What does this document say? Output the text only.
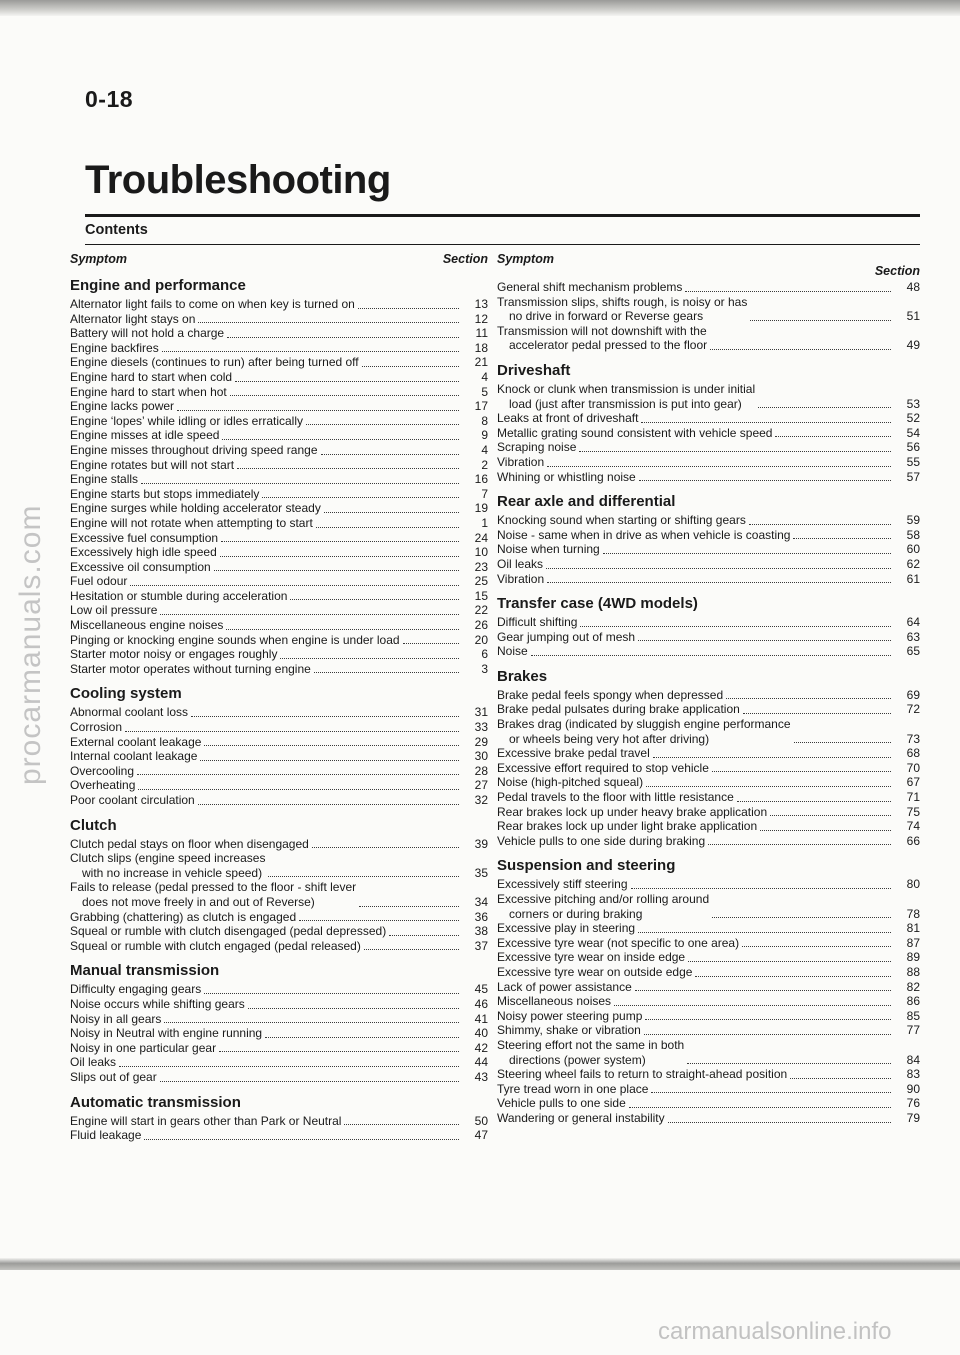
0-18
Troubleshooting
Contents
Symptom	Section
Engine and performance
Alternator light fails to come on when key is turned on	13
Alternator light stays on	12
Battery will not hold a charge	11
Engine backfires	18
Engine diesels (continues to run) after being turned off	21
Engine hard to start when cold	4
Engine hard to start when hot	5
Engine lacks power	17
Engine ‘lopes’ while idling or idles erratically	8
Engine misses at idle speed	9
Engine misses throughout driving speed range	4
Engine rotates but will not start	2
Engine stalls	16
Engine starts but stops immediately	7
Engine surges while holding accelerator steady	19
Engine will not rotate when attempting to start	1
Excessive fuel consumption	24
Excessively high idle speed	10
Excessive oil consumption	23
Fuel odour	25
Hesitation or stumble during acceleration	15
Low oil pressure	22
Miscellaneous engine noises	26
Pinging or knocking engine sounds when engine is under load	20
Starter motor noisy or engages roughly	6
Starter motor operates without turning engine	3
Cooling system
Abnormal coolant loss	31
Corrosion	33
External coolant leakage	29
Internal coolant leakage	30
Overcooling	28
Overheating	27
Poor coolant circulation	32
Clutch
Clutch pedal stays on floor when disengaged	39
Clutch slips (engine speed increases
with no increase in vehicle speed)	35
Fails to release (pedal pressed to the floor - shift lever
does not move freely in and out of Reverse)	34
Grabbing (chattering) as clutch is engaged	36
Squeal or rumble with clutch disengaged (pedal depressed)	38
Squeal or rumble with clutch engaged (pedal released)	37
Manual transmission
Difficulty engaging gears	45
Noise occurs while shifting gears	46
Noisy in all gears	41
Noisy in Neutral with engine running	40
Noisy in one particular gear	42
Oil leaks	44
Slips out of gear	43
Automatic transmission
Engine will start in gears other than Park or Neutral	50
Fluid leakage	47
Symptom
Section
General shift mechanism problems	48
Transmission slips, shifts rough, is noisy or has
no drive in forward or Reverse gears	51
Transmission will not downshift with the
accelerator pedal pressed to the floor	49
Driveshaft
Knock or clunk when transmission is under initial
load (just after transmission is put into gear)	53
Leaks at front of driveshaft	52
Metallic grating sound consistent with vehicle speed	54
Scraping noise	56
Vibration	55
Whining or whistling noise	57
Rear axle and differential
Knocking sound when starting or shifting gears	59
Noise - same when in drive as when vehicle is coasting	58
Noise when turning	60
Oil leaks	62
Vibration	61
Transfer case (4WD models)
Difficult shifting	64
Gear jumping out of mesh	63
Noise	65
Brakes
Brake pedal feels spongy when depressed	69
Brake pedal pulsates during brake application	72
Brakes drag (indicated by sluggish engine performance
or wheels being very hot after driving)	73
Excessive brake pedal travel	68
Excessive effort required to stop vehicle	70
Noise (high-pitched squeal)	67
Pedal travels to the floor with little resistance	71
Rear brakes lock up under heavy brake application	75
Rear brakes lock up under light brake application	74
Vehicle pulls to one side during braking	66
Suspension and steering
Excessively stiff steering	80
Excessive pitching and/or rolling around
corners or during braking	78
Excessive play in steering	81
Excessive tyre wear (not specific to one area)	87
Excessive tyre wear on inside edge	89
Excessive tyre wear on outside edge	88
Lack of power assistance	82
Miscellaneous noises	86
Noisy power steering pump	85
Shimmy, shake or vibration	77
Steering effort not the same in both
directions (power system)	84
Steering wheel fails to return to straight-ahead position	83
Tyre tread worn in one place	90
Vehicle pulls to one side	76
Wandering or general instability	79
procarmanuals.com
carmanualsonline.info
